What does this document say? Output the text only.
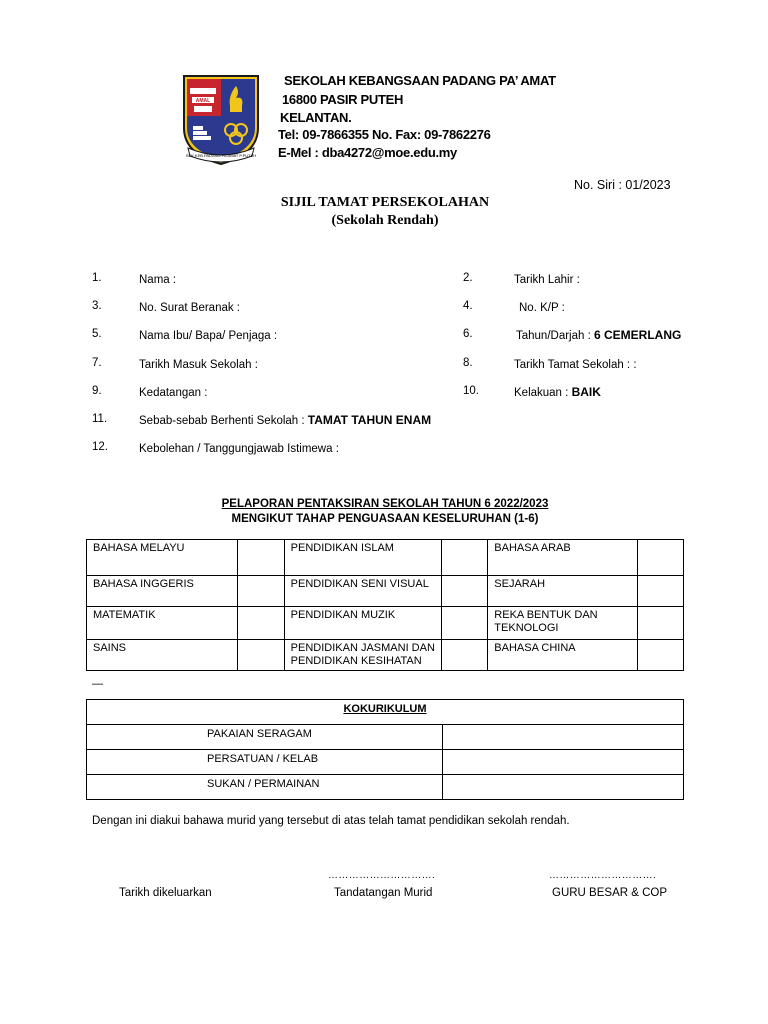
AMAL
SEK.KEB.PADANG PA'AMAT P.PUTEH
SEKOLAH KEBANGSAAN PADANG PA’ AMAT
16800 PASIR PUTEH
KELANTAN.
Tel: 09-7866355 No. Fax: 09-7862276
E-Mel : dba4272@moe.edu.my
No. Siri : 01/2023
SIJIL TAMAT PERSEKOLAHAN
(Sekolah Rendah)
1.	Nama :	2.	Tarikh Lahir :
3.	No. Surat Beranak :	4.	No. K/P :
5.	Nama Ibu/ Bapa/ Penjaga :	6.	Tahun/Darjah : 6 CEMERLANG
7.	Tarikh Masuk Sekolah :	8.	Tarikh Tamat Sekolah : :
9.	Kedatangan :	10.	Kelakuan : BAIK
11.	Sebab-sebab Berhenti Sekolah : TAMAT TAHUN ENAM
12.	Kebolehan / Tanggungjawab Istimewa :
PELAPORAN PENTAKSIRAN SEKOLAH TAHUN 6 2022/2023
MENGIKUT TAHAP PENGUASAAN KESELURUHAN (1-6)
BAHASA MELAYU		PENDIDIKAN ISLAM		BAHASA ARAB	
BAHASA INGGERIS		PENDIDIKAN SENI VISUAL		SEJARAH	
MATEMATIK		PENDIDIKAN MUZIK		REKA BENTUK DAN TEKNOLOGI	
SAINS		PENDIDIKAN JASMANI DAN PENDIDIKAN KESIHATAN		BAHASA CHINA	
—
KOKURIKULUM	
PAKAIAN SERAGAM	
PERSATUAN / KELAB	
SUKAN / PERMAINAN	
Dengan ini diakui bahawa murid yang tersebut di atas telah tamat pendidikan sekolah rendah.
………………………….	………………………….
Tarikh dikeluarkan	Tandatangan Murid	GURU BESAR & COP
